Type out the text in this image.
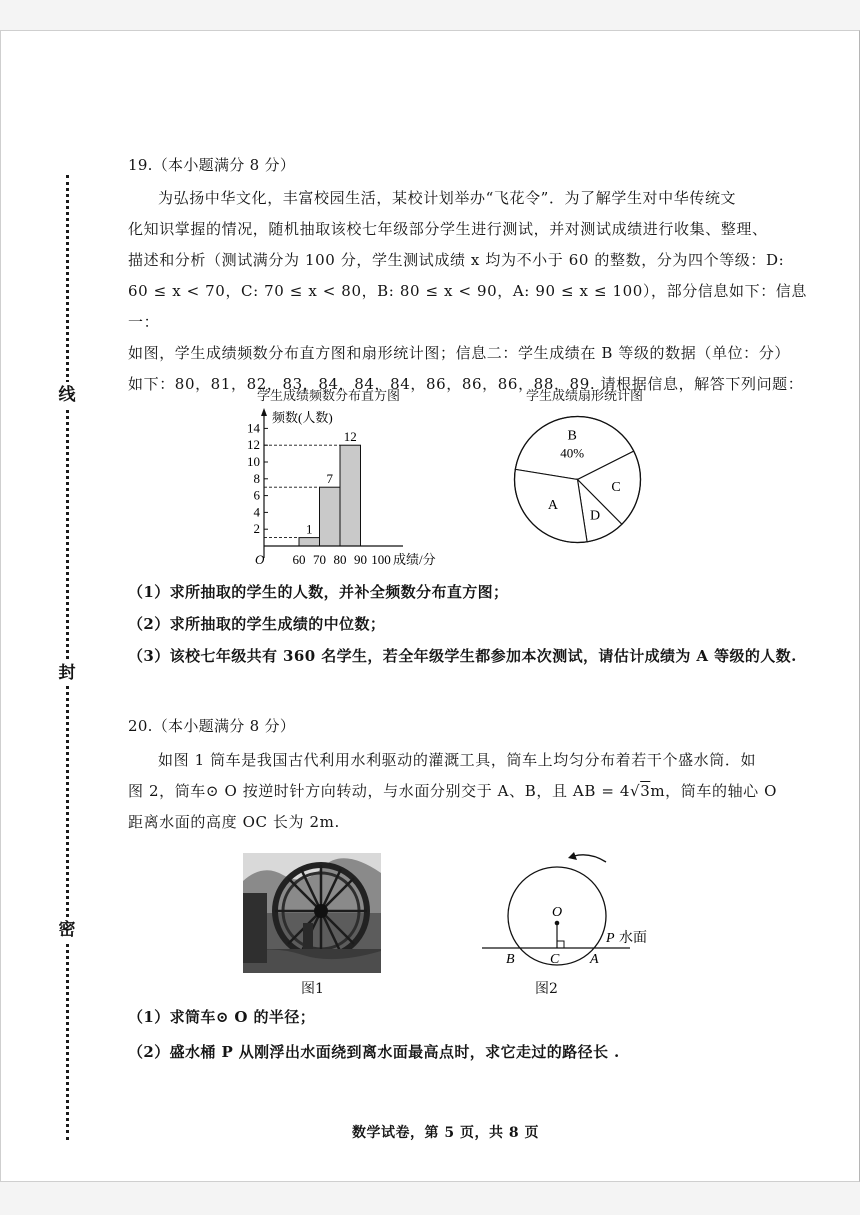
线
封
密
19.（本小题满分 8 分）
为弘扬中华文化，丰富校园生活，某校计划举办“飞花令”．为了解学生对中华传统文
化知识掌握的情况，随机抽取该校七年级部分学生进行测试，并对测试成绩进行收集、整理、
描述和分析（测试满分为 100 分，学生测试成绩 x 均为不小于 60 的整数，分为四个等级：D:
60 ≤ x < 70，C: 70 ≤ x < 80，B: 80 ≤ x < 90，A: 90 ≤ x ≤ 100），部分信息如下：信息一：
如图，学生成绩频数分布直方图和扇形统计图；信息二：学生成绩在 B 等级的数据（单位：分）
如下：80，81，82，83，84，84，84，86，86，86，88，89. 请根据信息，解答下列问题：
学生成绩频数分布直方图	学生成绩扇形统计图
1
7
12
2
4
6
8
10
12
14
60 70 80 90 100
频数(人数)
O	成绩/分
B
40%
C
D
A
（1）求所抽取的学生的人数，并补全频数分布直方图；
（2）求所抽取的学生成绩的中位数；
（3）该校七年级共有 360 名学生，若全年级学生都参加本次测试，请估计成绩为 A 等级的人数.
20.（本小题满分 8 分）
如图 1 筒车是我国古代利用水利驱动的灌溉工具，筒车上均匀分布着若干个盛水筒．如
图 2，筒车⊙ O 按逆时针方向转动，与水面分别交于 A、B，且 AB = 4√3m，筒车的轴心 O
距离水面的高度 OC 长为 2m.
图1
O
P 水面
B	C A
图2
（1）求筒车⊙ O 的半径；
（2）盛水桶 P 从刚浮出水面绕到离水面最高点时，求它走过的路径长 .
数学试卷，第 5 页，共 8 页
